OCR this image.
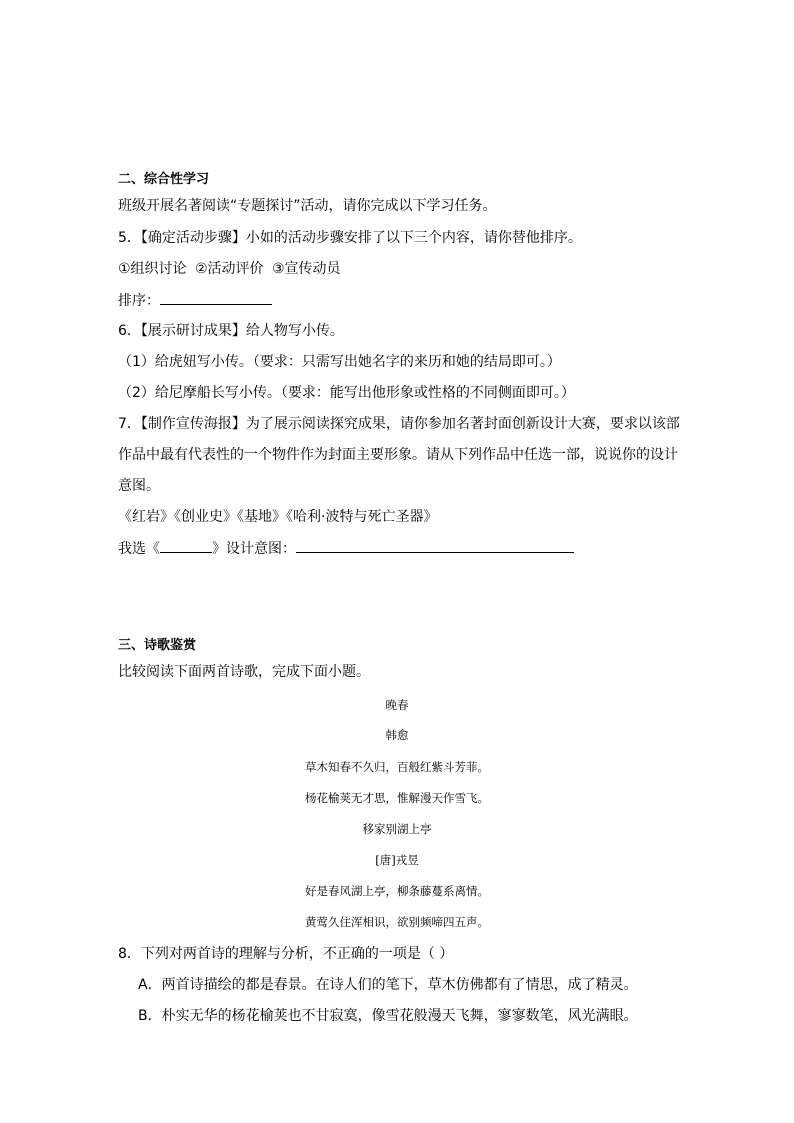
二、综合性学习
班级开展名著阅读“专题探讨”活动，请你完成以下学习任务。
5．【确定活动步骤】小如的活动步骤安排了以下三个内容，请你替他排序。
①组织讨论 ②活动评价 ③宣传动员
排序：
6．【展示研讨成果】给人物写小传。
（1）给虎妞写小传。（要求：只需写出她名字的来历和她的结局即可。）
（2）给尼摩船长写小传。（要求：能写出他形象或性格的不同侧面即可。）
7．【制作宣传海报】为了展示阅读探究成果，请你参加名著封面创新设计大赛，要求以该部
作品中最有代表性的一个物件作为封面主要形象。请从下列作品中任选一部，说说你的设计
意图。
《红岩》《创业史》《基地》《哈利·波特与死亡圣器》
我选《	》设计意图：
三、诗歌鉴赏
比较阅读下面两首诗歌，完成下面小题。
晚春
韩愈
草木知春不久归，百般红紫斗芳菲。
杨花榆荚无才思，惟解漫天作雪飞。
移家别湖上亭
[唐]戎昱
好是春风湖上亭，柳条藤蔓系离情。
黄莺久住浑相识，欲别频啼四五声。
8．下列对两首诗的理解与分析，不正确的一项是（ ）
A．两首诗描绘的都是春景。在诗人们的笔下，草木仿佛都有了情思，成了精灵。
B．朴实无华的杨花榆荚也不甘寂寞，像雪花般漫天飞舞，寥寥数笔，风光满眼。
